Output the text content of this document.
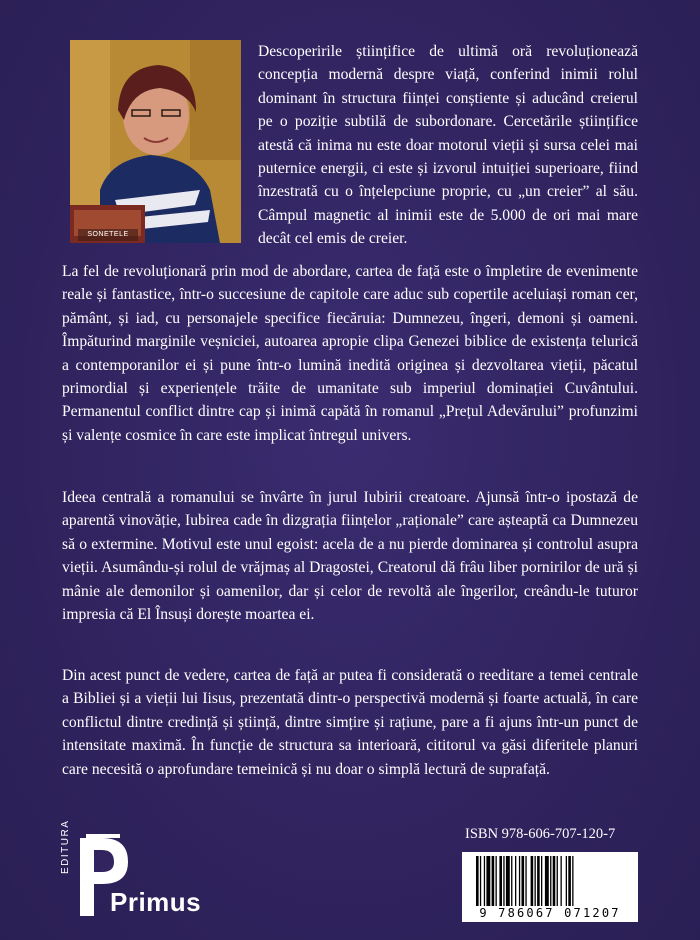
SONETELE

Descoperirile științifice de ultimă oră revoluționează concepția modernă despre viață, conferind inimii rolul dominant în structura ființei conștiente și aducând creierul pe o poziție subtilă de subordonare. Cercetările științifice atestă că inima nu este doar motorul vieții și sursa celei mai puternice energii, ci este și izvorul intuiției superioare, fiind înzestrată cu o înțelepciune proprie, cu „un creier” al său. Câmpul magnetic al inimii este de 5.000 de ori mai mare decât cel emis de creier.

La fel de revoluționară prin mod de abordare, cartea de față este o împletire de evenimente reale și fantastice, într-o succesiune de capitole care aduc sub copertile aceluiași roman cer, pământ, și iad, cu personajele specifice fiecăruia: Dumnezeu, îngeri, demoni și oameni. Împăturind marginile veșniciei, autoarea apropie clipa Genezei biblice de existența telurică a contemporanilor ei și pune într-o lumină inedită originea și dezvoltarea vieții, păcatul primordial și experiențele trăite de umanitate sub imperiul dominației Cuvântului. Permanentul conflict dintre cap și inimă capătă în romanul „Prețul Adevărului” profunzimi și valențe cosmice în care este implicat întregul univers.

Ideea centrală a romanului se învârte în jurul Iubirii creatoare. Ajunsă într-o ipostază de aparentă vinovăție, Iubirea cade în dizgrația ființelor „raționale” care așteaptă ca Dumnezeu să o extermine. Motivul este unul egoist: acela de a nu pierde dominarea și controlul asupra vieții. Asumându-și rolul de vrăjmaș al Dragostei, Creatorul dă frâu liber pornirilor de ură și mânie ale demonilor și oamenilor, dar și celor de revoltă ale îngerilor, creându-le tuturor impresia că El Însuși dorește moartea ei.

Din acest punct de vedere, cartea de față ar putea fi considerată o reeditare a temei centrale a Bibliei și a vieții lui Iisus, prezentată dintr-o perspectivă modernă și foarte actuală, în care conflictul dintre credință și știință, dintre simțire și rațiune, pare a fi ajuns într-un punct de intensitate maximă. În funcție de structura sa interioară, cititorul va găsi diferitele planuri care necesită o aprofundare temeinică și nu doar o simplă lectură de suprafață.

EDITURA
Primus
ISBN 978-606-707-120-7
9 786067 071207
